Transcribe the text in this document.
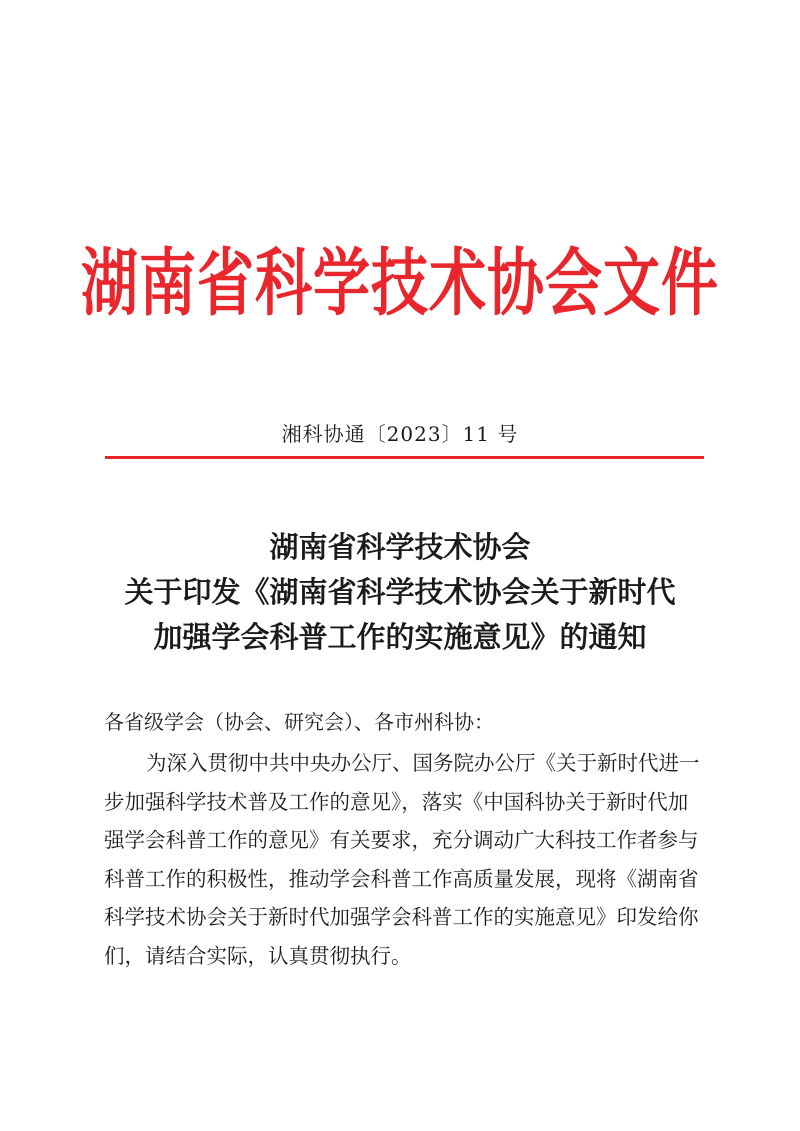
湖南省科学技术协会文件
湘科协通〔2023〕11 号
湖南省科学技术协会
关于印发《湖南省科学技术协会关于新时代
加强学会科普工作的实施意见》的通知
各省级学会（协会、研究会）、各市州科协：
为深入贯彻中共中央办公厅、国务院办公厅《关于新时代进一
步加强科学技术普及工作的意见》，落实《中国科协关于新时代加
强学会科普工作的意见》有关要求，充分调动广大科技工作者参与
科普工作的积极性，推动学会科普工作高质量发展，现将《湖南省
科学技术协会关于新时代加强学会科普工作的实施意见》印发给你
们，请结合实际，认真贯彻执行。
